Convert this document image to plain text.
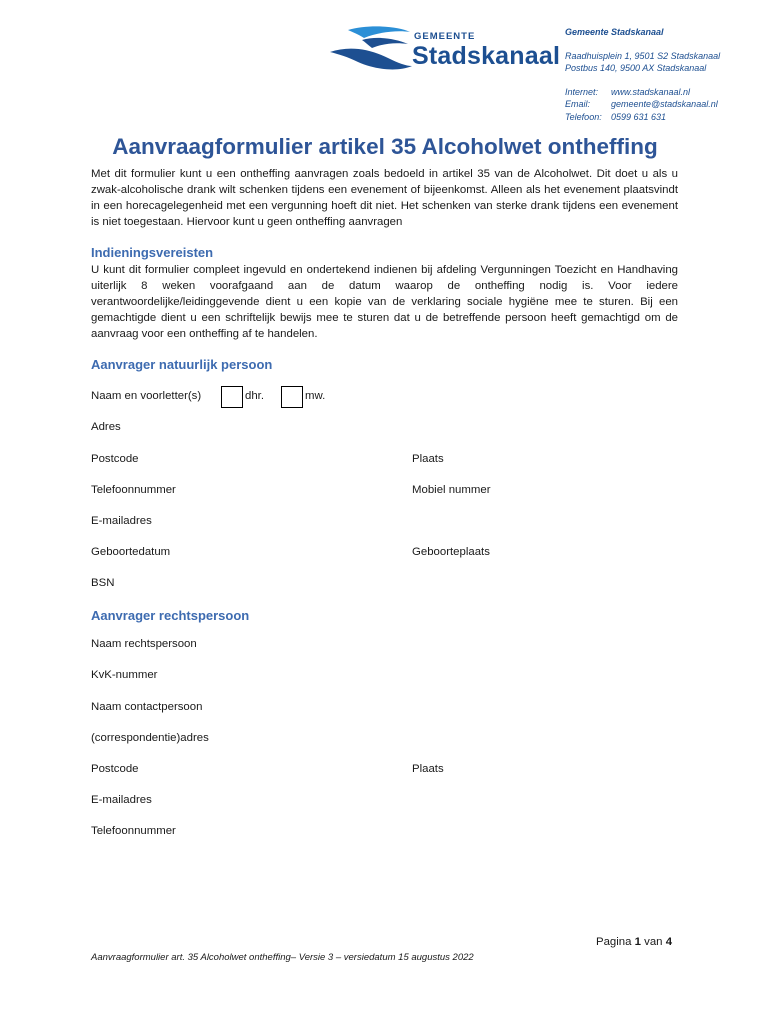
GEMEENTE
Stadskanaal
Gemeente Stadskanaal
Raadhuisplein 1, 9501 S2 Stadskanaal
Postbus 140, 9500 AX Stadskanaal
Internet:	www.stadskanaal.nl
Email:	gemeente@stadskanaal.nl
Telefoon:	0599 631 631
Aanvraagformulier artikel 35 Alcoholwet ontheffing
Met dit formulier kunt u een ontheffing aanvragen zoals bedoeld in artikel 35 van de Alcoholwet. Dit doet u als u zwak-alcoholische drank wilt schenken tijdens een evenement of bijeenkomst. Alleen als het evenement plaatsvindt in een horecagelegenheid met een vergunning hoeft dit niet. Het schenken van sterke drank tijdens een evenement is niet toegestaan. Hiervoor kunt u geen ontheffing aanvragen
Indieningsvereisten
U kunt dit formulier compleet ingevuld en ondertekend indienen bij afdeling Vergunningen Toezicht en Handhaving uiterlijk 8 weken voorafgaand aan de datum waarop de ontheffing nodig is. Voor iedere verantwoordelijke/leidinggevende dient u een kopie van de verklaring sociale hygiëne mee te sturen. Bij een gemachtigde dient u een schriftelijk bewijs mee te sturen dat u de betreffende persoon heeft gemachtigd om de aanvraag voor een ontheffing af te handelen.
Aanvrager natuurlijk persoon
Naam en voorletter(s)	dhr.	mw.
Adres
Postcode	Plaats
Telefoonnummer	Mobiel nummer
E-mailadres
Geboortedatum	Geboorteplaats
BSN
Aanvrager rechtspersoon
Naam rechtspersoon
KvK-nummer
Naam contactpersoon
(correspondentie)adres
Postcode	Plaats
E-mailadres
Telefoonnummer
Pagina 1 van 4
Aanvraagformulier art. 35 Alcoholwet ontheffing– Versie 3 – versiedatum 15 augustus 2022
